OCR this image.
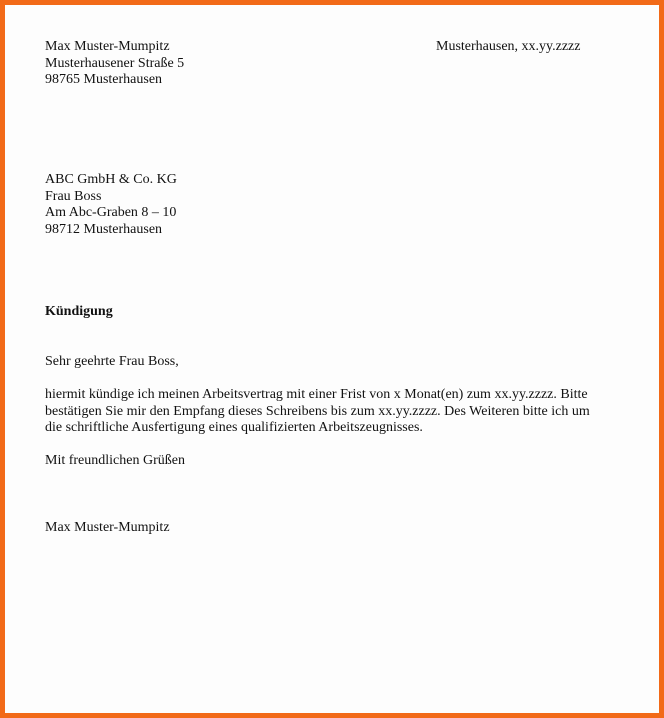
Max Muster-Mumpitz
Musterhausener Straße 5
98765 Musterhausen
Musterhausen, xx.yy.zzzz
ABC GmbH & Co. KG
Frau Boss
Am Abc-Graben 8 – 10
98712 Musterhausen
Kündigung
Sehr geehrte Frau Boss,
hiermit kündige ich meinen Arbeitsvertrag mit einer Frist von x Monat(en) zum xx.yy.zzzz. Bitte
bestätigen Sie mir den Empfang dieses Schreibens bis zum xx.yy.zzzz. Des Weiteren bitte ich um
die schriftliche Ausfertigung eines qualifizierten Arbeitszeugnisses.
Mit freundlichen Grüßen
Max Muster-Mumpitz
